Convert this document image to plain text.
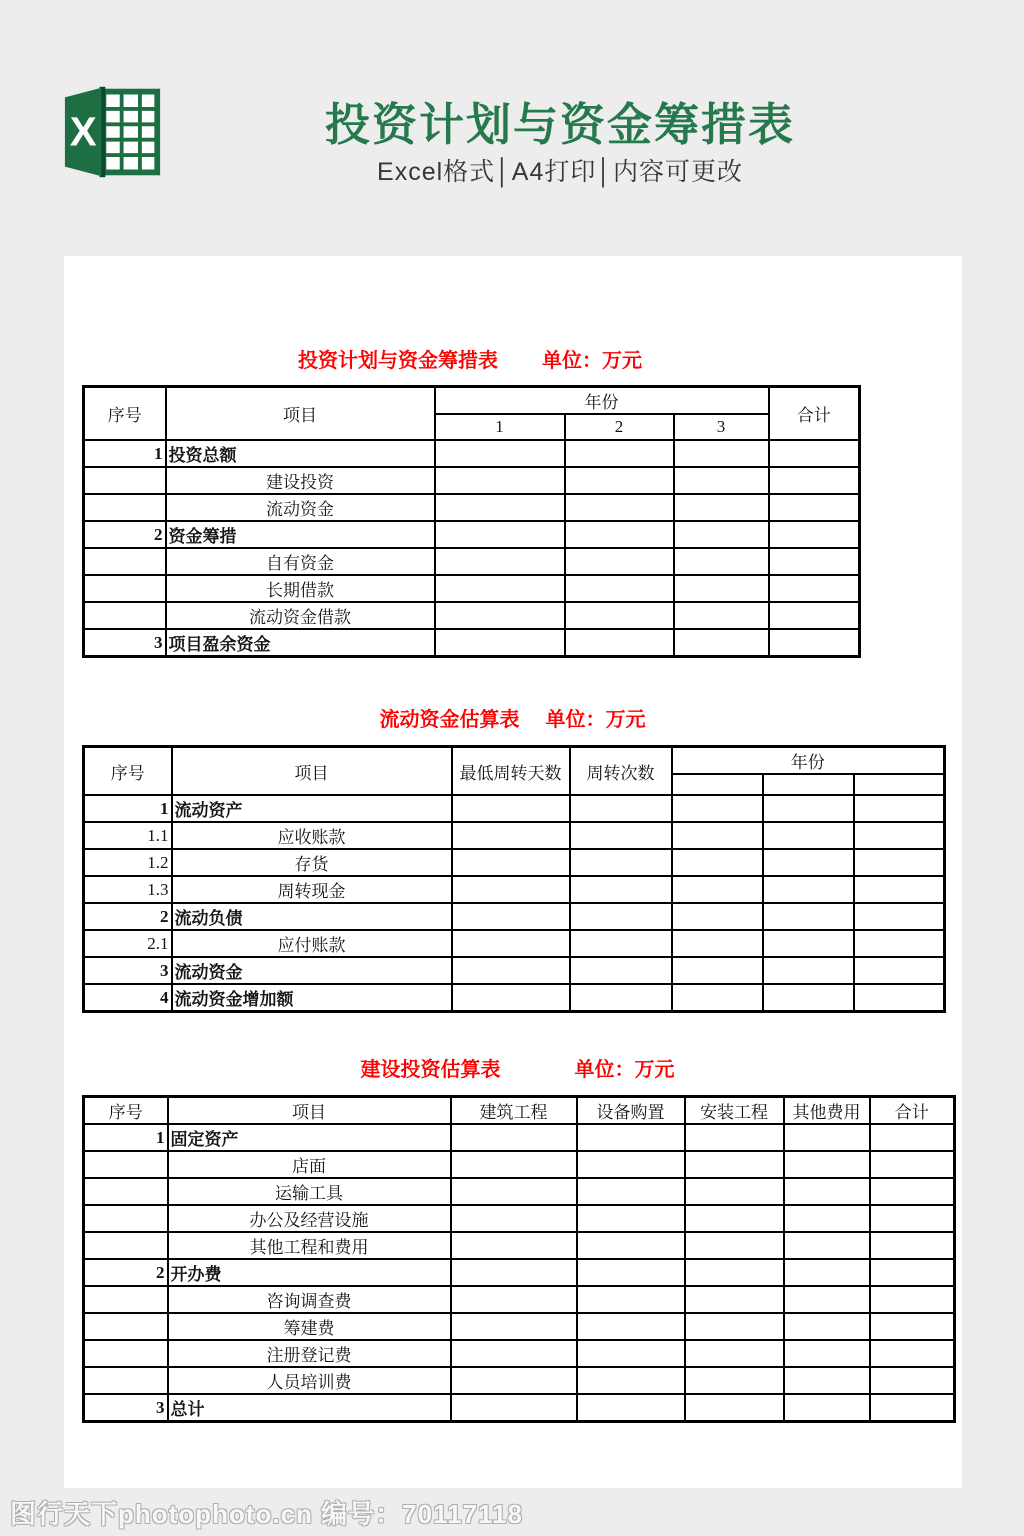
X	投资计划与资金筹措表

Excel格式│A4打印│内容可更改

投资计划与资金筹措表 单位：万元
序号	项目	年份			合计
		1	2	3	
1	投资总额				
	建设投资				
	流动资金				
2	资金筹措				
	自有资金				
	长期借款				
	流动资金借款				
3	项目盈余资金				
流动资金估算表 单位：万元
序号	项目	最低周转天数	周转次数	年份		

1	流动资产					
1.1	应收账款					
1.2	存货					
1.3	周转现金					
2	流动负债					
2.1	应付账款					
3	流动资金					
4	流动资金增加额					
建设投资估算表	单位：万元
序号	项目	建筑工程	设备购置	安装工程	其他费用	合计
1	固定资产					
	店面					
	运输工具					
	办公及经营设施					
	其他工程和费用					
2	开办费					
	咨询调查费					
	筹建费					
	注册登记费					
	人员培训费					
3	总计					
图行天下photophoto.cn 编号：70117118
